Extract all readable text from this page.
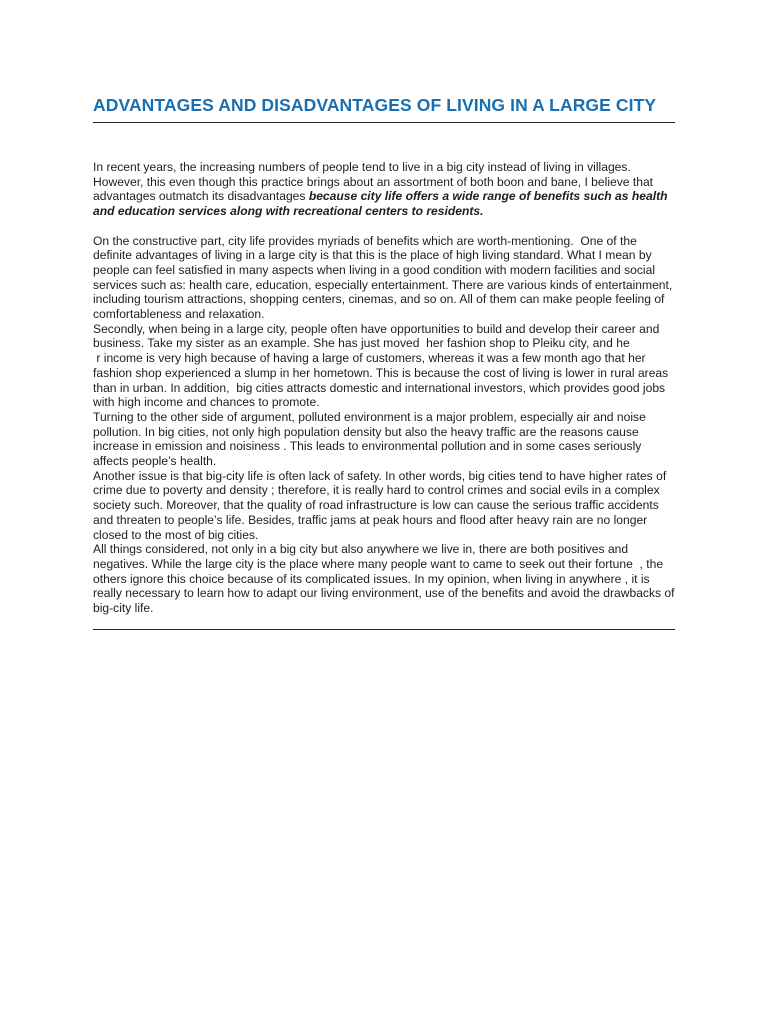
ADVANTAGES AND DISADVANTAGES OF LIVING IN A LARGE CITY

In recent years, the increasing numbers of people tend to live in a big city instead of living in villages. However, this even though this practice brings about an assortment of both boon and bane, I believe that advantages outmatch its disadvantages because city life offers a wide range of benefits such as health  and education services along with recreational centers to residents.

On the constructive part, city life provides myriads of benefits which are worth-mentioning.  One of the definite advantages of living in a large city is that this is the place of high living standard. What I mean by people can feel satisfied in many aspects when living in a good condition with modern facilities and social services such as: health care, education, especially entertainment. There are various kinds of entertainment, including tourism attractions, shopping centers, cinemas, and so on. All of them can make people feeling of comfortableness and relaxation.

Secondly, when being in a large city, people often have opportunities to build and develop their career and business. Take my sister as an example. She has just moved  her fashion shop to Pleiku city, and he

r income is very high because of having a large of customers, whereas it was a few month ago that her fashion shop experienced a slump in her hometown. This is because the cost of living is lower in rural areas than in urban. In addition,  big cities attracts domestic and international investors, which provides good jobs with high income and chances to promote.

Turning to the other side of argument, polluted environment is a major problem, especially air and noise pollution. In big cities, not only high population density but also the heavy traffic are the reasons cause increase in emission and noisiness . This leads to environmental pollution and in some cases seriously affects people’s health.

Another issue is that big-city life is often lack of safety. In other words, big cities tend to have higher rates of crime due to poverty and density ; therefore, it is really hard to control crimes and social evils in a complex society such. Moreover, that the quality of road infrastructure is low can cause the serious traffic accidents and threaten to people’s life. Besides, traffic jams at peak hours and flood after heavy rain are no longer closed to the most of big cities.

All things considered, not only in a big city but also anywhere we live in, there are both positives and negatives. While the large city is the place where many people want to came to seek out their fortune  , the others ignore this choice because of its complicated issues. In my opinion, when living in anywhere , it is really necessary to learn how to adapt our living environment, use of the benefits and avoid the drawbacks of big-city life.
